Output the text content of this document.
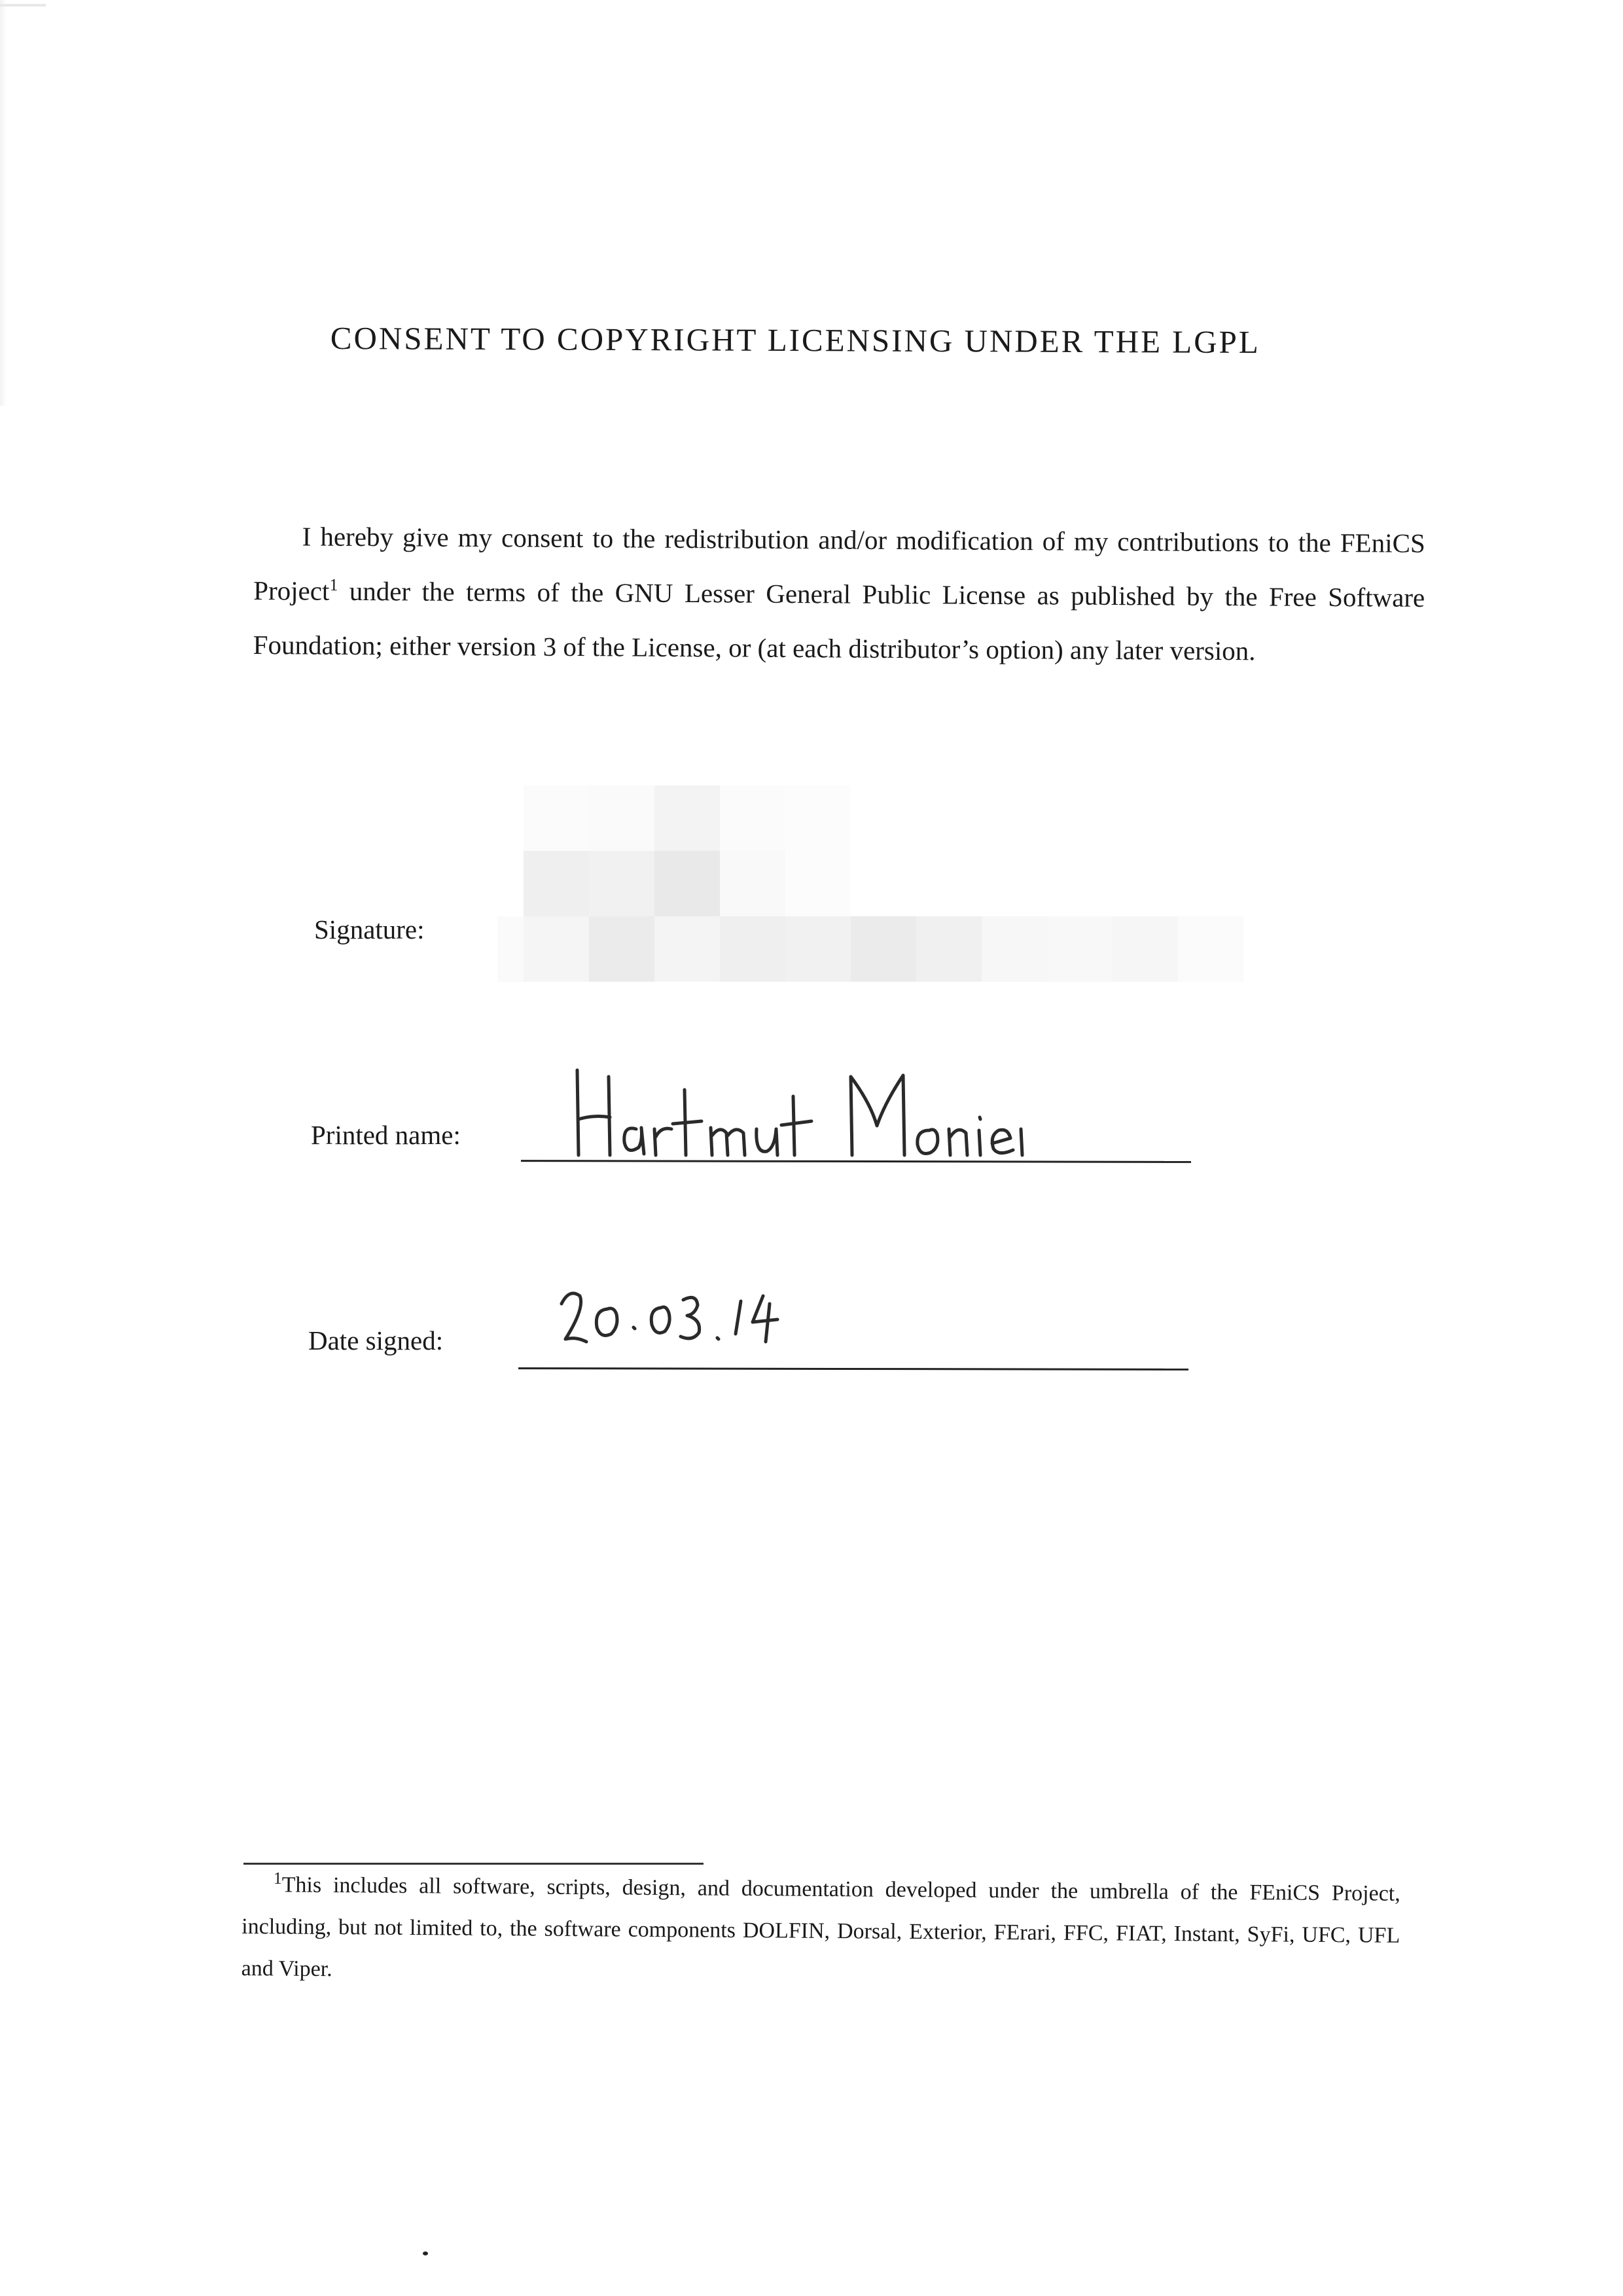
CONSENT TO COPYRIGHT LICENSING UNDER THE LGPL
I hereby give my consent to the redistribution and/or modification of my contributions to the FEniCS Project$^1$ under the terms of the GNU Lesser General Public License as published by the Free Software Foundation; either version 3 of the License, or (at each distributor’s option) any later version.
Signature:
Printed name:
Date signed:
$^1$This includes all software, scripts, design, and documentation developed under the umbrella of the FEniCS Project, including, but not limited to, the software components DOLFIN, Dorsal, Exterior, FErari, FFC, FIAT, Instant, SyFi, UFC, UFL and Viper.
